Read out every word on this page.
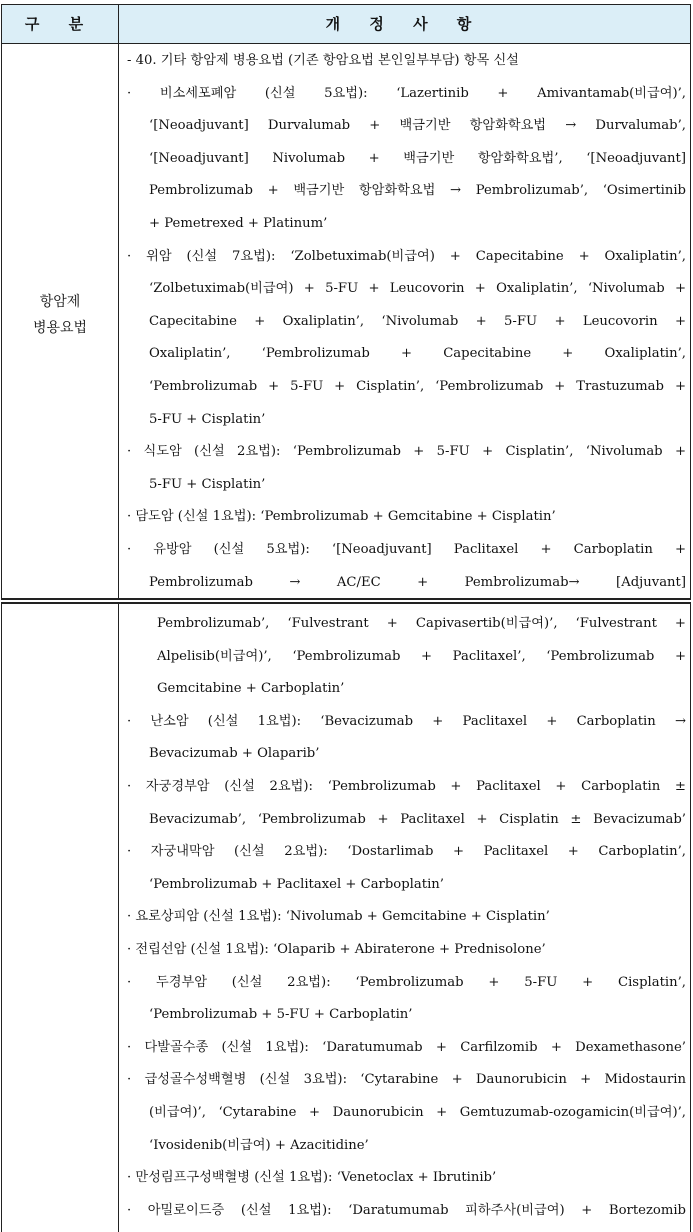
구 분	개 정 사 항
항암제
병용요법
- 40. 기타 항암제 병용요법 (기존 항암요법 본인일부부담) 항목 신설
· 비소세포폐암 (신설 5요법): ‘Lazertinib + Amivantamab(비급여)’,
‘[Neoadjuvant] Durvalumab + 백금기반 항암화학요법 → Durvalumab’,
‘[Neoadjuvant] Nivolumab + 백금기반 항암화학요법’, ‘[Neoadjuvant]
Pembrolizumab + 백금기반 항암화학요법 → Pembrolizumab’, ‘Osimertinib
+ Pemetrexed + Platinum’
· 위암 (신설 7요법): ‘Zolbetuximab(비급여) + Capecitabine + Oxaliplatin’,
‘Zolbetuximab(비급여) + 5-FU + Leucovorin + Oxaliplatin’, ‘Nivolumab +
Capecitabine + Oxaliplatin’, ‘Nivolumab + 5-FU + Leucovorin +
Oxaliplatin’, ‘Pembrolizumab + Capecitabine + Oxaliplatin’,
‘Pembrolizumab + 5-FU + Cisplatin’, ‘Pembrolizumab + Trastuzumab +
5-FU + Cisplatin’
· 식도암 (신설 2요법): ‘Pembrolizumab + 5-FU + Cisplatin’, ‘Nivolumab +
5-FU + Cisplatin’
· 담도암 (신설 1요법): ‘Pembrolizumab + Gemcitabine + Cisplatin’
· 유방암 (신설 5요법): ‘[Neoadjuvant] Paclitaxel + Carboplatin +
Pembrolizumab → AC/EC + Pembrolizumab→ [Adjuvant]
Pembrolizumab’, ‘Fulvestrant + Capivasertib(비급여)’, ‘Fulvestrant +
Alpelisib(비급여)’, ‘Pembrolizumab + Paclitaxel’, ‘Pembrolizumab +
Gemcitabine + Carboplatin’
· 난소암 (신설 1요법): ‘Bevacizumab + Paclitaxel + Carboplatin →
Bevacizumab + Olaparib’
· 자궁경부암 (신설 2요법): ‘Pembrolizumab + Paclitaxel + Carboplatin ±
Bevacizumab’, ‘Pembrolizumab + Paclitaxel + Cisplatin ± Bevacizumab’
· 자궁내막암 (신설 2요법): ‘Dostarlimab + Paclitaxel + Carboplatin’,
‘Pembrolizumab + Paclitaxel + Carboplatin’
· 요로상피암 (신설 1요법): ‘Nivolumab + Gemcitabine + Cisplatin’
· 전립선암 (신설 1요법): ‘Olaparib + Abiraterone + Prednisolone’
· 두경부암 (신설 2요법): ‘Pembrolizumab + 5-FU + Cisplatin’,
‘Pembrolizumab + 5-FU + Carboplatin’
· 다발골수종 (신설 1요법): ‘Daratumumab + Carfilzomib + Dexamethasone’
· 급성골수성백혈병 (신설 3요법): ‘Cytarabine + Daunorubicin + Midostaurin
(비급여)’, ‘Cytarabine + Daunorubicin + Gemtuzumab-ozogamicin(비급여)’,
‘Ivosidenib(비급여) + Azacitidine’
· 만성림프구성백혈병 (신설 1요법): ‘Venetoclax + Ibrutinib’
· 아밀로이드증 (신설 1요법): ‘Daratumumab 피하주사(비급여) + Bortezomib
